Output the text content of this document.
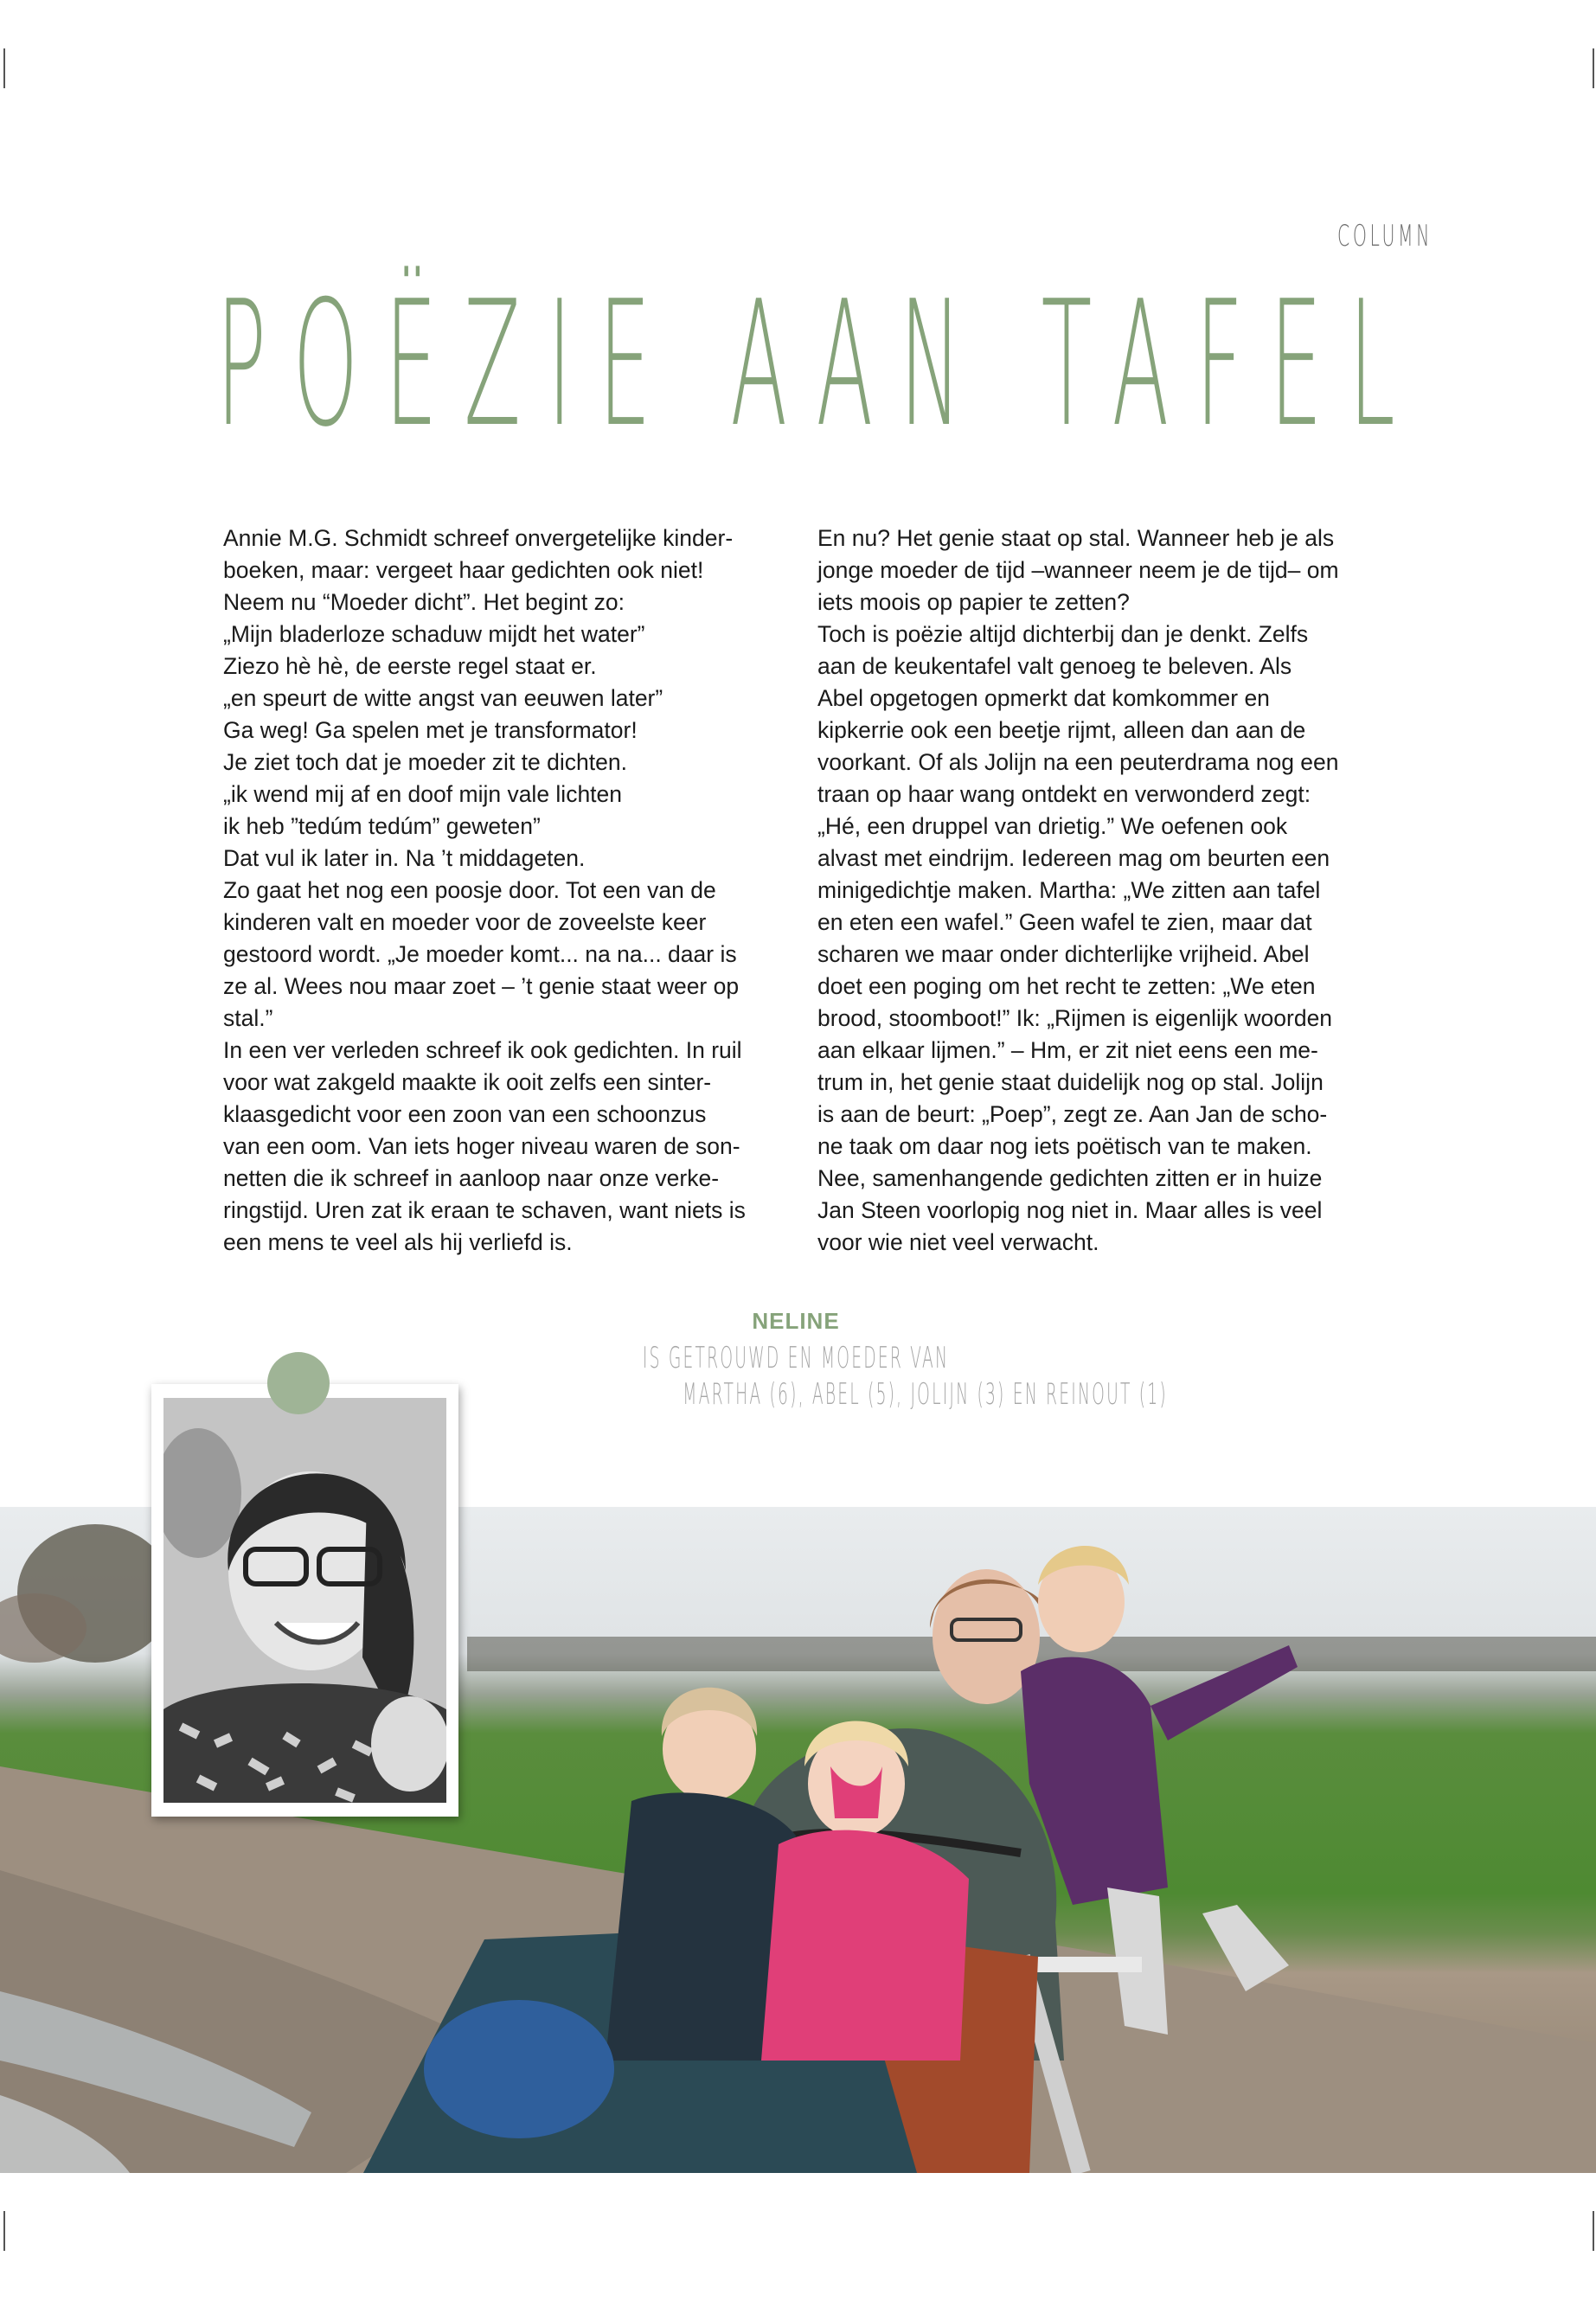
COLUMN
POËZIE AAN TAFEL
Annie M.G. Schmidt schreef onvergetelijke kinder-
boeken, maar: vergeet haar gedichten ook niet!
Neem nu “Moeder dicht”. Het begint zo:
„Mijn bladerloze schaduw mijdt het water”
Ziezo hè hè, de eerste regel staat er.
„en speurt de witte angst van eeuwen later”
Ga weg! Ga spelen met je transformator!
Je ziet toch dat je moeder zit te dichten.
„ik wend mij af en doof mijn vale lichten
ik heb ”tedúm tedúm” geweten”
Dat vul ik later in. Na ’t middageten.
Zo gaat het nog een poosje door. Tot een van de
kinderen valt en moeder voor de zoveelste keer
gestoord wordt. „Je moeder komt... na na... daar is
ze al. Wees nou maar zoet – ’t genie staat weer op
stal.”
In een ver verleden schreef ik ook gedichten. In ruil
voor wat zakgeld maakte ik ooit zelfs een sinter-
klaasgedicht voor een zoon van een schoonzus
van een oom. Van iets hoger niveau waren de son-
netten die ik schreef in aanloop naar onze verke-
ringstijd. Uren zat ik eraan te schaven, want niets is
een mens te veel als hij verliefd is.
En nu? Het genie staat op stal. Wanneer heb je als
jonge moeder de tijd –wanneer neem je de tijd– om
iets moois op papier te zetten?
Toch is poëzie altijd dichterbij dan je denkt. Zelfs
aan de keukentafel valt genoeg te beleven. Als
Abel opgetogen opmerkt dat komkommer en
kipkerrie ook een beetje rijmt, alleen dan aan de
voorkant. Of als Jolijn na een peuterdrama nog een
traan op haar wang ontdekt en verwonderd zegt:
„Hé, een druppel van drietig.” We oefenen ook
alvast met eindrijm. Iedereen mag om beurten een
minigedichtje maken. Martha: „We zitten aan tafel
en eten een wafel.” Geen wafel te zien, maar dat
scharen we maar onder dichterlijke vrijheid. Abel
doet een poging om het recht te zetten: „We eten
brood, stoomboot!” Ik: „Rijmen is eigenlijk woorden
aan elkaar lijmen.” – Hm, er zit niet eens een me-
trum in, het genie staat duidelijk nog op stal. Jolijn
is aan de beurt: „Poep”, zegt ze. Aan Jan de scho-
ne taak om daar nog iets poëtisch van te maken.
Nee, samenhangende gedichten zitten er in huize
Jan Steen voorlopig nog niet in. Maar alles is veel
voor wie niet veel verwacht.
NELINE
IS GETROUWD EN MOEDER VAN
MARTHA (6), ABEL (5), JOLIJN (3) EN REINOUT (1)
